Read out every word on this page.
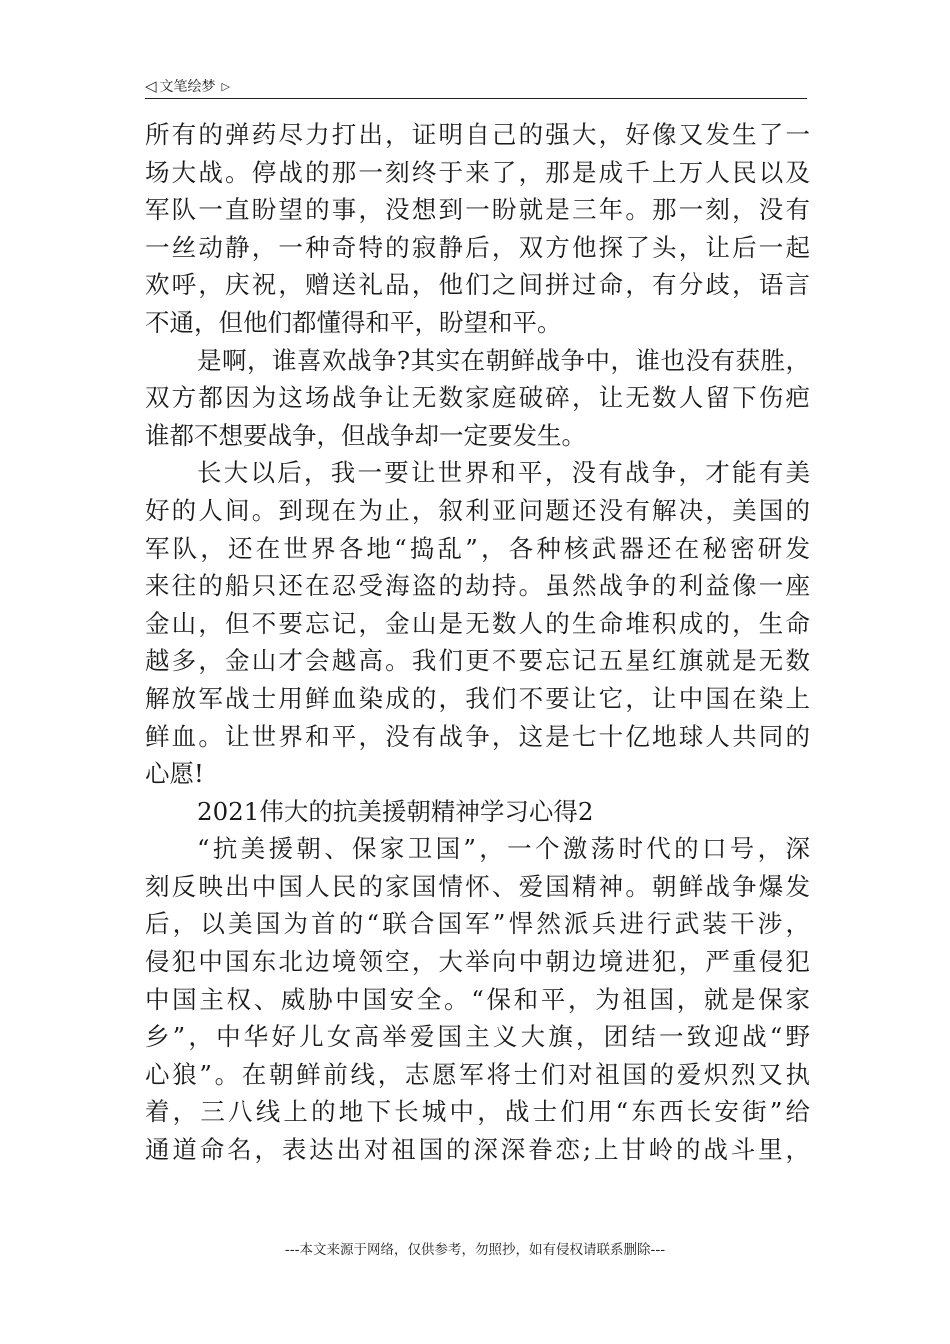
◁ 文笔绘梦 ▷
所有的弹药尽力打出，证明自己的强大，好像又发生了一
场大战。停战的那一刻终于来了，那是成千上万人民以及
军队一直盼望的事，没想到一盼就是三年。那一刻，没有
一丝动静，一种奇特的寂静后，双方他探了头，让后一起
欢呼，庆祝，赠送礼品，他们之间拼过命，有分歧，语言
不通，但他们都懂得和平，盼望和平。
是啊，谁喜欢战争?其实在朝鲜战争中，谁也没有获胜，
双方都因为这场战争让无数家庭破碎，让无数人留下伤疤
谁都不想要战争，但战争却一定要发生。
长大以后，我一要让世界和平，没有战争，才能有美
好的人间。到现在为止，叙利亚问题还没有解决，美国的
军队，还在世界各地“捣乱”，各种核武器还在秘密研发
来往的船只还在忍受海盗的劫持。虽然战争的利益像一座
金山，但不要忘记，金山是无数人的生命堆积成的，生命
越多，金山才会越高。我们更不要忘记五星红旗就是无数
解放军战士用鲜血染成的，我们不要让它，让中国在染上
鲜血。让世界和平，没有战争，这是七十亿地球人共同的
心愿!
2021伟大的抗美援朝精神学习心得2
“抗美援朝、保家卫国”，一个激荡时代的口号，深
刻反映出中国人民的家国情怀、爱国精神。朝鲜战争爆发
后，以美国为首的“联合国军”悍然派兵进行武装干涉，
侵犯中国东北边境领空，大举向中朝边境进犯，严重侵犯
中国主权、威胁中国安全。“保和平，为祖国，就是保家
乡”，中华好儿女高举爱国主义大旗，团结一致迎战“野
心狼”。在朝鲜前线，志愿军将士们对祖国的爱炽烈又执
着，三八线上的地下长城中，战士们用“东西长安街”给
通道命名，表达出对祖国的深深眷恋;上甘岭的战斗里，
---本文来源于网络，仅供参考，勿照抄，如有侵权请联系删除---
